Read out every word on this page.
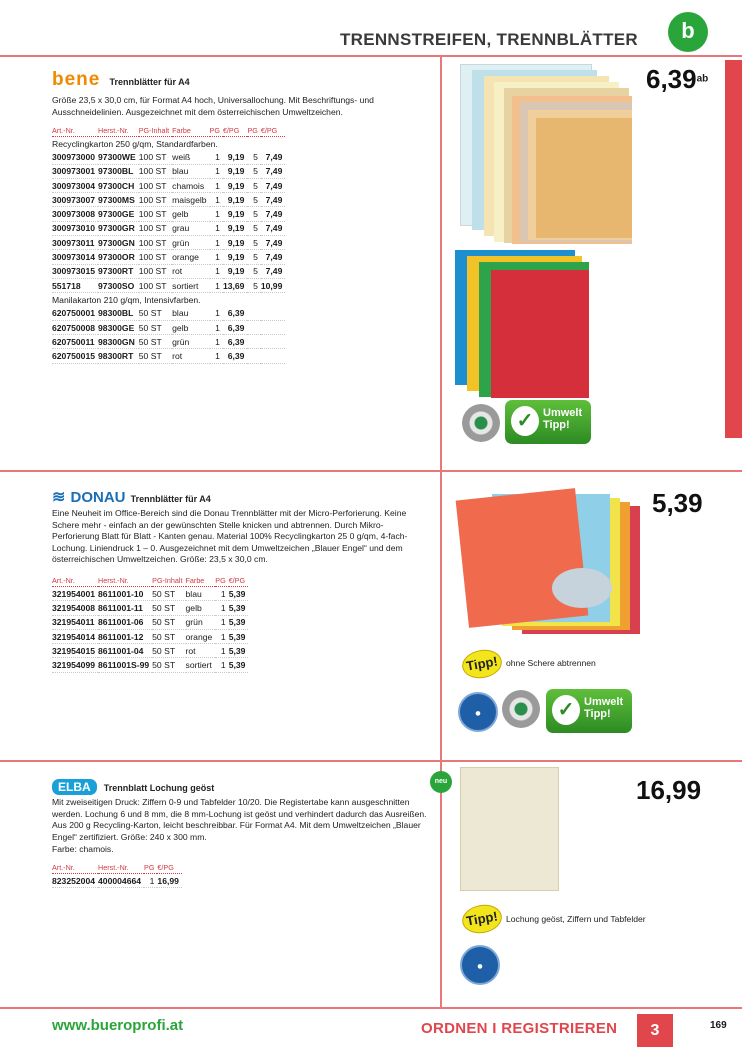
TRENNSTREIFEN, TRENNBLÄTTER	b
bene Trennblätter für A4
Größe 23,5 x 30,0 cm, für Format A4 hoch, Universallochung. Mit Beschriftungs- und Ausschneidelinien. Ausgezeichnet mit dem österreichischen Umweltzeichen.
Art.-Nr.	Herst.-Nr.	PG-Inhalt	Farbe	PG	€/PG	PG	€/PG
Recyclingkarton 250 g/qm, Standardfarben.							
300973000	97300WE	100 ST	weiß	1	9,19	5	7,49
300973001	97300BL	100 ST	blau	1	9,19	5	7,49
300973004	97300CH	100 ST	chamois	1	9,19	5	7,49
300973007	97300MS	100 ST	maisgelb	1	9,19	5	7,49
300973008	97300GE	100 ST	gelb	1	9,19	5	7,49
300973010	97300GR	100 ST	grau	1	9,19	5	7,49
300973011	97300GN	100 ST	grün	1	9,19	5	7,49
300973014	97300OR	100 ST	orange	1	9,19	5	7,49
300973015	97300RT	100 ST	rot	1	9,19	5	7,49
551718	97300SO	100 ST	sortiert	1	13,69	5	10,99
Manilakarton 210 g/qm, Intensivfarben.							
620750001	98300BL	50 ST	blau	1	6,39		
620750008	98300GE	50 ST	gelb	1	6,39		
620750011	98300GN	50 ST	grün	1	6,39		
620750015	98300RT	50 ST	rot	1	6,39		
6,39$^{ab}$
✓ Umwelt
Tipp!
≋ DONAU Trennblätter für A4
Eine Neuheit im Office-Bereich sind die Donau Trennblätter mit der Micro-Perforierung. Keine Schere mehr - einfach an der gewünschten Stelle knicken und abtrennen. Durch Mikro-Perforierung Blatt für Blatt - Kanten genau. Material 100% Recyclingkarton 25 0 g/qm, 4-fach-Lochung. Liniendruck 1 – 0. Ausgezeichnet mit dem Umweltzeichen „Blauer Engel“ und dem österreichischen Umweltzeichen. Größe: 23,5 x 30,0 cm.
Art.-Nr.	Herst.-Nr.	PG-Inhalt	Farbe	PG	€/PG
321954001	8611001-10	50 ST	blau	1	5,39
321954008	8611001-11	50 ST	gelb	1	5,39
321954011	8611001-06	50 ST	grün	1	5,39
321954014	8611001-12	50 ST	orange	1	5,39
321954015	8611001-04	50 ST	rot	1	5,39
321954099	8611001S-99	50 ST	sortiert	1	5,39
5,39
Tipp! ohne Schere abtrennen
●	✓ Umwelt
Tipp!
ELBA Trennblatt Lochung geöst
Mit zweiseitigen Druck: Ziffern 0-9 und Tabfelder 10/20. Die Registertabe kann ausgeschnitten werden. Lochung 6 und 8 mm, die 8 mm-Lochung ist geöst und verhindert dadurch das Ausreißen. Aus 200 g Recycling-Karton, leicht beschreibbar. Für Format A4. Mit dem Umweltzeichen „Blauer Engel“ zertifiziert. Größe: 240 x 300 mm.
Farbe: chamois.
Art.-Nr.	Herst.-Nr.	PG	€/PG
823252004	400004664	1	16,99
neu	16,99
Tipp! Lochung geöst, Ziffern und Tabfelder
●
www.bueroprofi.at	ORDNEN I REGISTRIEREN	3	169
